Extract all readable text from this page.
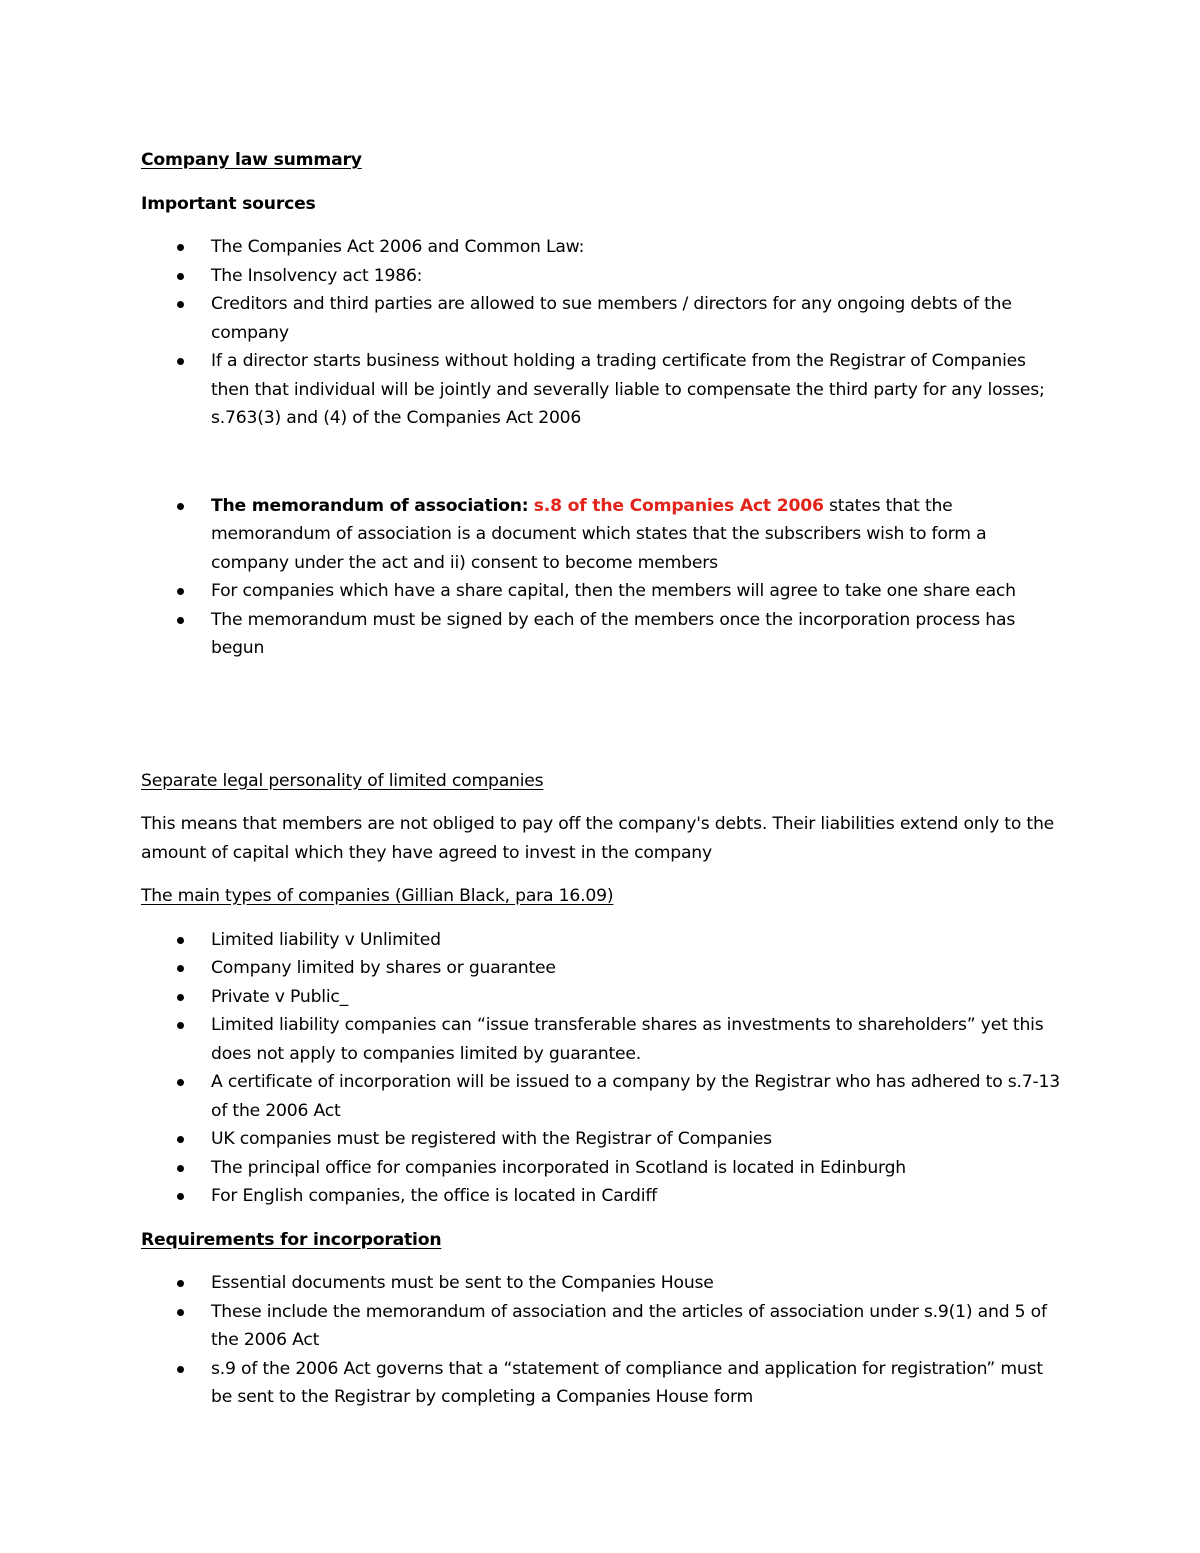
Company law summary

Important sources

The Companies Act 2006 and Common Law:
The Insolvency act 1986:
Creditors and third parties are allowed to sue members / directors for any ongoing debts of the company
If a director starts business without holding a trading certificate from the Registrar of Companies then that individual will be jointly and severally liable to compensate the third party for any losses; s.763(3) and (4) of the Companies Act 2006
The memorandum of association: s.8 of the Companies Act 2006 states that the memorandum of association is a document which states that the subscribers wish to form a company under the act and ii) consent to become members
For companies which have a share capital, then the members will agree to take one share each
The memorandum must be signed by each of the members once the incorporation process has begun

Separate legal personality of limited companies

This means that members are not obliged to pay off the company's debts. Their liabilities extend only to the amount of capital which they have agreed to invest in the company

The main types of companies (Gillian Black, para 16.09)

Limited liability v Unlimited
Company limited by shares or guarantee
Private v Public_
Limited liability companies can “issue transferable shares as investments to shareholders” yet this does not apply to companies limited by guarantee.
A certificate of incorporation will be issued to a company by the Registrar who has adhered to s.7-13 of the 2006 Act
UK companies must be registered with the Registrar of Companies
The principal office for companies incorporated in Scotland is located in Edinburgh
For English companies, the office is located in Cardiff

Requirements for incorporation

Essential documents must be sent to the Companies House
These include the memorandum of association and the articles of association under s.9(1) and 5 of the 2006 Act
s.9 of the 2006 Act governs that a “statement of compliance and application for registration” must be sent to the Registrar by completing a Companies House form
